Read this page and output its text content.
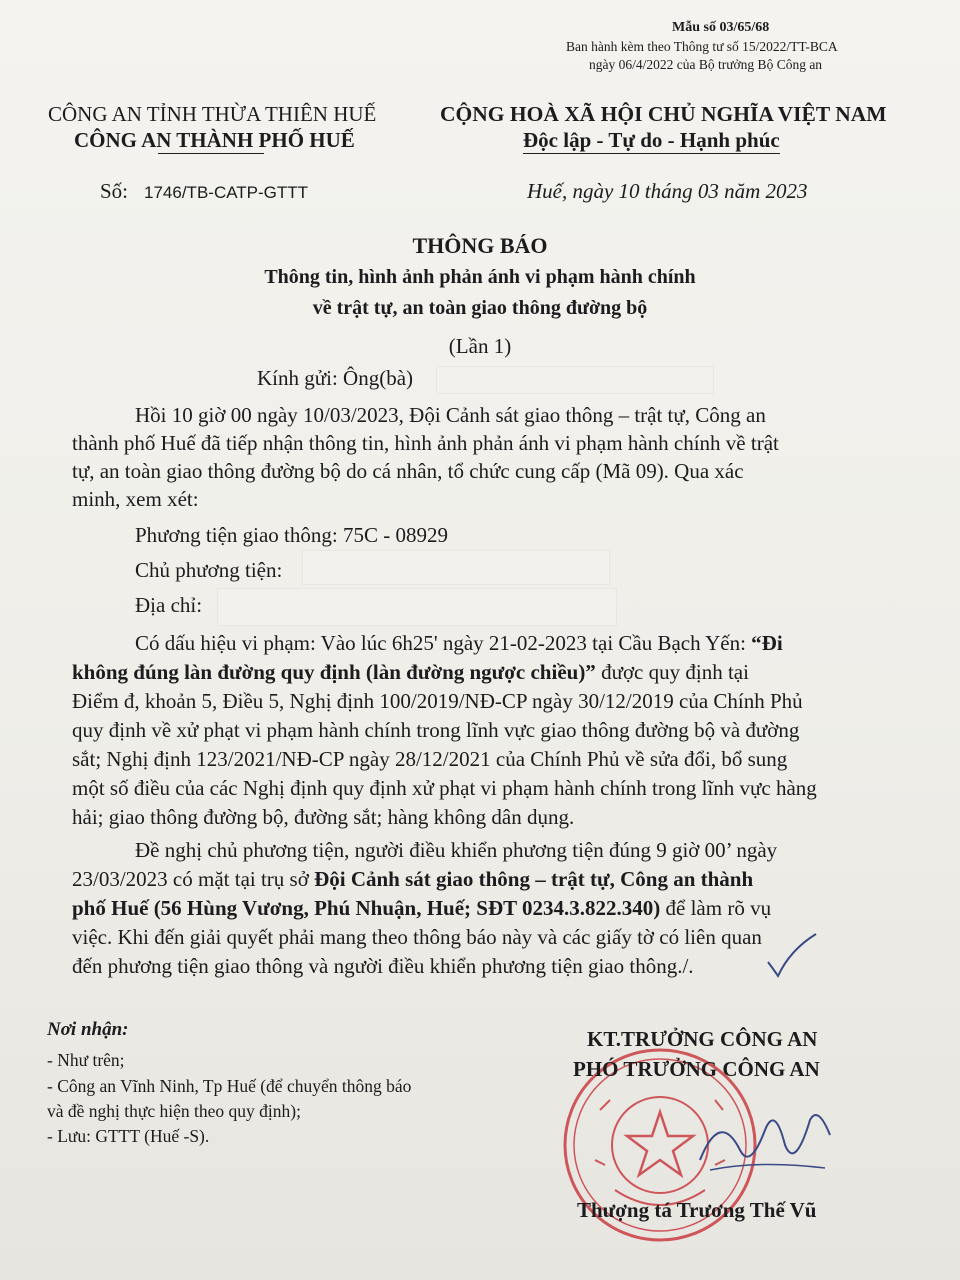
Mẫu số 03/65/68
Ban hành kèm theo Thông tư số 15/2022/TT-BCA
ngày 06/4/2022 của Bộ trưởng Bộ Công an
CÔNG AN TỈNH THỪA THIÊN HUẾ
CÔNG AN THÀNH PHỐ HUẾ
CỘNG HOÀ XÃ HỘI CHỦ NGHĨA VIỆT NAM
Độc lập - Tự do - Hạnh phúc
Số: 1746/TB-CATP-GTTT	Huế, ngày 10 tháng 03 năm 2023
THÔNG BÁO
Thông tin, hình ảnh phản ánh vi phạm hành chính
về trật tự, an toàn giao thông đường bộ
(Lần 1)
Kính gửi: Ông(bà)
Hồi 10 giờ 00 ngày 10/03/2023, Đội Cảnh sát giao thông – trật tự, Công an
thành phố Huế đã tiếp nhận thông tin, hình ảnh phản ánh vi phạm hành chính về trật
tự, an toàn giao thông đường bộ do cá nhân, tổ chức cung cấp (Mã 09). Qua xác
minh, xem xét:
Phương tiện giao thông: 75C - 08929
Chủ phương tiện:
Địa chỉ:
Có dấu hiệu vi phạm: Vào lúc 6h25' ngày 21-02-2023 tại Cầu Bạch Yến: “Đi
không đúng làn đường quy định (làn đường ngược chiều)” được quy định tại
Điểm đ, khoản 5, Điều 5, Nghị định 100/2019/NĐ-CP ngày 30/12/2019 của Chính Phủ
quy định về xử phạt vi phạm hành chính trong lĩnh vực giao thông đường bộ và đường
sắt; Nghị định 123/2021/NĐ-CP ngày 28/12/2021 của Chính Phủ về sửa đổi, bổ sung
một số điều của các Nghị định quy định xử phạt vi phạm hành chính trong lĩnh vực hàng
hải; giao thông đường bộ, đường sắt; hàng không dân dụng.
Đề nghị chủ phương tiện, người điều khiển phương tiện đúng 9 giờ 00’ ngày
23/03/2023 có mặt tại trụ sở Đội Cảnh sát giao thông – trật tự, Công an thành
phố Huế (56 Hùng Vương, Phú Nhuận, Huế; SĐT 0234.3.822.340) để làm rõ vụ
việc. Khi đến giải quyết phải mang theo thông báo này và các giấy tờ có liên quan
đến phương tiện giao thông và người điều khiển phương tiện giao thông./.
Nơi nhận:
- Như trên;
- Công an Vĩnh Ninh, Tp Huế (để chuyển thông báo
và đề nghị thực hiện theo quy định);
- Lưu: GTTT (Huế -S).
KT.TRƯỞNG CÔNG AN
PHÓ TRƯỞNG CÔNG AN
Thượng tá Trương Thế Vũ
